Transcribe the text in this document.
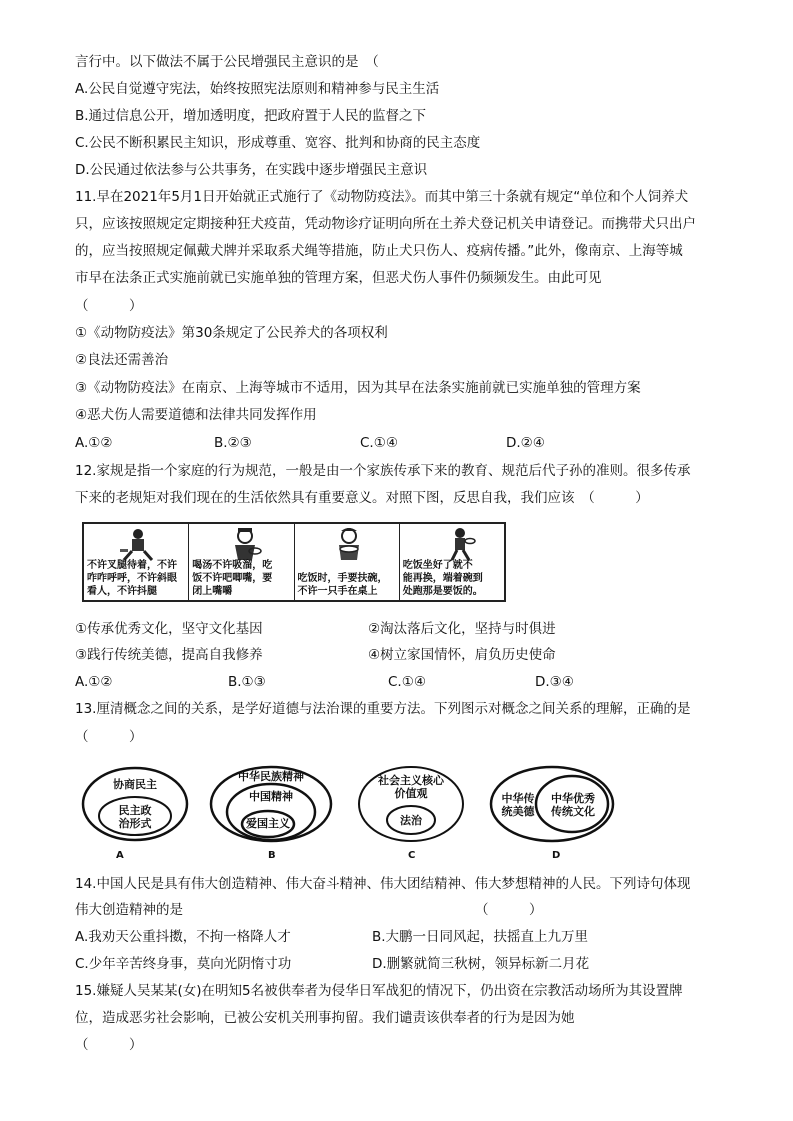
言行中。以下做法不属于公民增强民主意识的是　（
A.公民自觉遵守宪法，始终按照宪法原则和精神参与民主生活
B.通过信息公开，增加透明度，把政府置于人民的监督之下
C.公民不断积累民主知识，形成尊重、宽容、批判和协商的民主态度
D.公民通过依法参与公共事务，在实践中逐步增强民主意识
11.早在2021年5月1日开始就正式施行了《动物防疫法》。而其中第三十条就有规定“单位和个人饲养犬
只，应该按照规定定期接种狂犬疫苗，凭动物诊疗证明向所在土养犬登记机关申请登记。而携带犬只出户
的，应当按照规定佩戴犬牌并采取系犬绳等措施，防止犬只伤人、疫病传播。”此外，像南京、上海等城
市早在法条正式实施前就已实施单独的管理方案，但恶犬伤人事件仍频频发生。由此可见
（　　　）
①《动物防疫法》第30条规定了公民养犬的各项权利
②良法还需善治
③《动物防疫法》在南京、上海等城市不适用，因为其早在法条实施前就已实施单独的管理方案
④恶犬伤人需要道德和法律共同发挥作用
A.①②	B.②③	C.①④	D.②④
12.家规是指一个家庭的行为规范，一般是由一个家族传承下来的教育、规范后代子孙的准则。很多传承
下来的老规矩对我们现在的生活依然具有重要意义。对照下图，反思自我，我们应该　（　　　）
不许叉腿待着，不许
咋咋呼呼，不许斜眼
看人，不许抖腿
喝汤不许吸溜，吃
饭不许吧唧嘴，要
闭上嘴嚼
吃饭时，手要扶碗，
不许一只手在桌上
吃饭坐好了就不
能再换，端着碗到
处跑那是要饭的。
①传承优秀文化，坚守文化基因	②淘汰落后文化，坚持与时俱进
③践行传统美德，提高自我修养	④树立家国情怀，肩负历史使命
A.①②	B.①③	C.①④	D.③④
13.厘清概念之间的关系，是学好道德与法治课的重要方法。下列图示对概念之间关系的理解，正确的是
（　　　）
协商民主
民主政
治形式
A
中华民族精神
中国精神
爱国主义
B
社会主义核心
价值观
法治
C
中华传
统美德
中华优秀
传统文化
D
14.中国人民是具有伟大创造精神、伟大奋斗精神、伟大团结精神、伟大梦想精神的人民。下列诗句体现
伟大创造精神的是	（　　　）
A.我劝天公重抖擞，不拘一格降人才	B.大鹏一日同风起，扶摇直上九万里
C.少年辛苦终身事，莫向光阴惰寸功	D.删繁就简三秋树，领异标新二月花
15.嫌疑人吴某某(女)在明知5名被供奉者为侵华日军战犯的情况下，仍出资在宗教活动场所为其设置牌
位，造成恶劣社会影响，已被公安机关刑事拘留。我们谴责该供奉者的行为是因为她
（　　　）
